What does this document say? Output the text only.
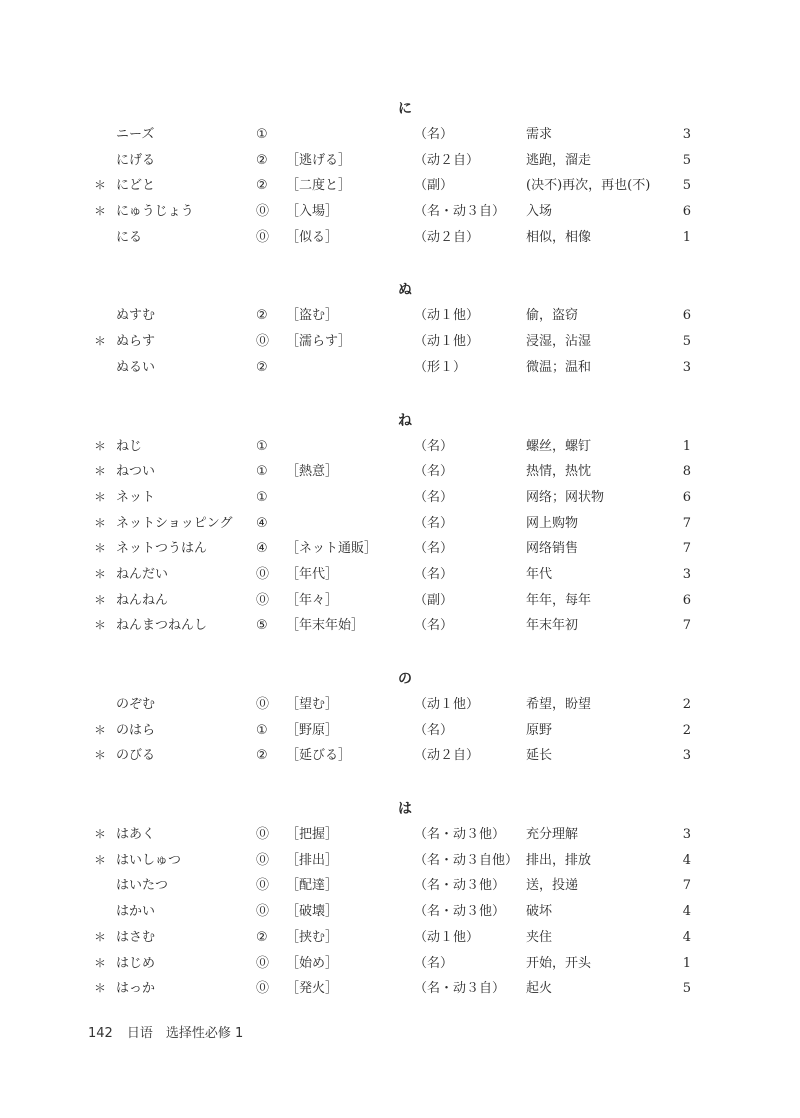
に
ニーズ	①	（名）	需求	3
にげる	② ［逃げる］	（动２自）	逃跑，溜走	5
＊ にどと	② ［二度と］	（副）	(决不)再次，再也(不) 5
＊ にゅうじょう	⓪ ［入場］	（名・动３自） 入场	6
にる	⓪ ［似る］	（动２自）	相似，相像	1
ぬ
ぬすむ	② ［盗む］	（动１他）	偷，盗窃	6
＊ ぬらす	⓪ ［濡らす］	（动１他）	浸湿，沾湿	5
ぬるい	②	（形１）	微温；温和	3
ね
＊ ねじ	①	（名）	螺丝，螺钉	1
＊ ねつい	① ［熱意］	（名）	热情，热忱	8
＊ ネット	①	（名）	网络；网状物	6
＊ ネットショッピング ④	（名）	网上购物	7
＊ ネットつうはん	④ ［ネット通販］	（名）	网络销售	7
＊ ねんだい	⓪ ［年代］	（名）	年代	3
＊ ねんねん	⓪ ［年々］	（副）	年年，每年	6
＊ ねんまつねんし	⑤ ［年末年始］	（名）	年末年初	7
の
のぞむ	⓪ ［望む］	（动１他）	希望，盼望	2
＊ のはら	① ［野原］	（名）	原野	2
＊ のびる	② ［延びる］	（动２自）	延长	3
は
＊ はあく	⓪ ［把握］	（名・动３他） 充分理解	3
＊ はいしゅつ	⓪ ［排出］	（名・动３自他） 排出，排放	4
はいたつ	⓪ ［配達］	（名・动３他） 送，投递	7
はかい	⓪ ［破壊］	（名・动３他） 破坏	4
＊ はさむ	② ［挟む］	（动１他）	夹住	4
＊ はじめ	⓪ ［始め］	（名）	开始，开头	1
＊ はっか	⓪ ［発火］	（名・动３自） 起火	5
142 日语　选择性必修 1
